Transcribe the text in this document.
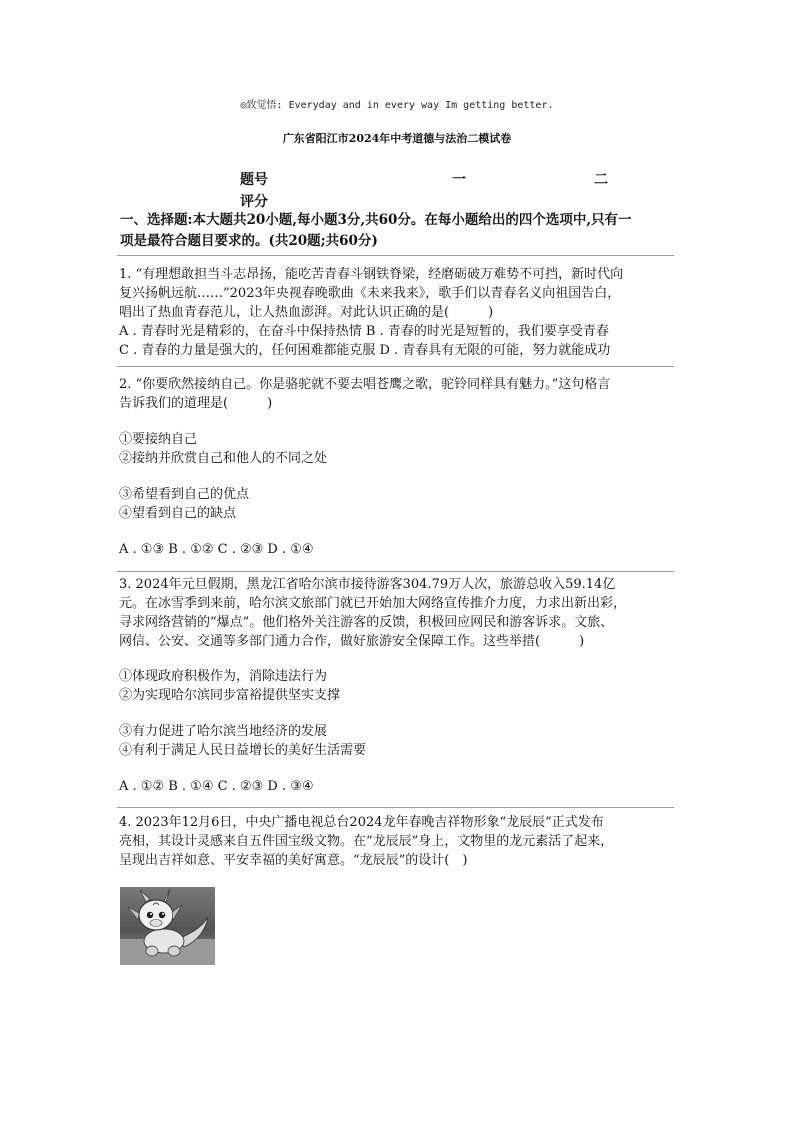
◎致觉悟: Everyday and in every way Im getting better.
广东省阳江市2024年中考道德与法治二模试卷
题号	一	二
评分
一、选择题:本大题共20小题,每小题3分,共60分。在每小题给出的四个选项中,只有一
项是最符合题目要求的。(共20题;共60分)

1. “有理想敢担当斗志昂扬，能吃苦青春斗钢铁脊梁，经磨砺破万难势不可挡，新时代向

复兴扬帆远航……”2023年央视春晚歌曲《未来我来》，歌手们以青春名义向祖国告白，

唱出了热血青春范儿，让人热血澎湃。对此认识正确的是(　　　)

A . 青春时光是精彩的，在奋斗中保持热情 B . 青春的时光是短暂的，我们要享受青春

C . 青春的力量是强大的，任何困难都能克服 D . 青春具有无限的可能，努力就能成功

2. “你要欣然接纳自己。你是骆驼就不要去唱苍鹰之歌，驼铃同样具有魅力。”这句格言

告诉我们的道理是(　　　)

①要接纳自己

②接纳并欣赏自己和他人的不同之处

③希望看到自己的优点

④望看到自己的缺点

A . ①③ B . ①② C . ②③ D . ①④

3. 2024年元旦假期，黑龙江省哈尔滨市接待游客304.79万人次，旅游总收入59.14亿

元。在冰雪季到来前，哈尔滨文旅部门就已开始加大网络宣传推介力度，力求出新出彩，

寻求网络营销的“爆点”。他们格外关注游客的反馈，积极回应网民和游客诉求。文旅、

网信、公安、交通等多部门通力合作，做好旅游安全保障工作。这些举措(　　　)

①体现政府积极作为，消除违法行为

②为实现哈尔滨同步富裕提供坚实支撑

③有力促进了哈尔滨当地经济的发展

④有利于满足人民日益增长的美好生活需要

A . ①② B . ①④ C . ②③ D . ③④

4. 2023年12月6日，中央广播电视总台2024龙年春晚吉祥物形象“龙辰辰”正式发布

亮相，其设计灵感来自五件国宝级文物。在“龙辰辰”身上，文物里的龙元素活了起来，

呈现出吉祥如意、平安幸福的美好寓意。“龙辰辰”的设计(　)
